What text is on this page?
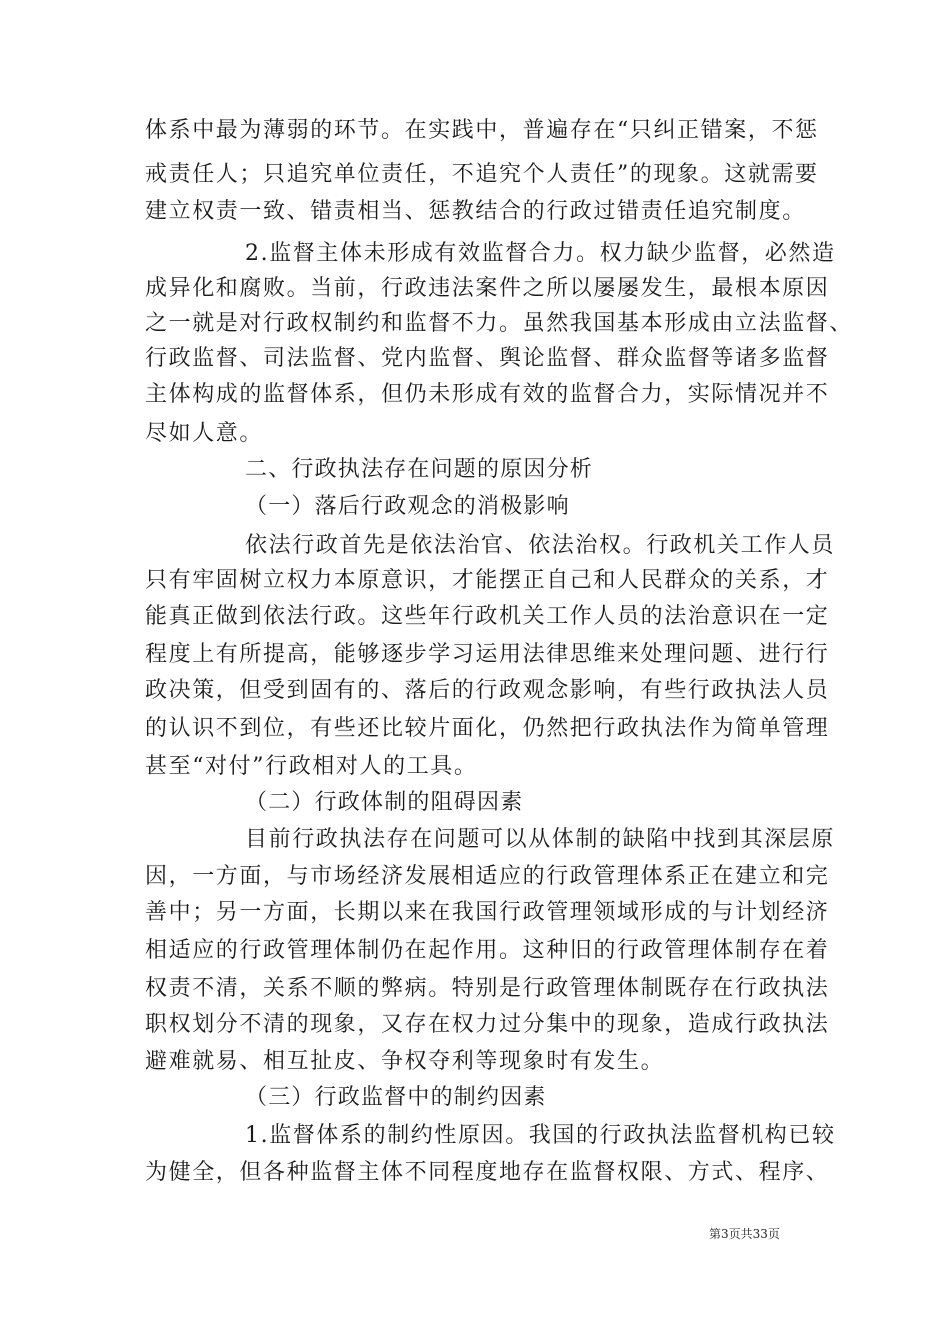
体系中最为薄弱的环节。在实践中，普遍存在“只纠正错案，不惩
戒责任人；只追究单位责任，不追究个人责任”的现象。这就需要
建立权责一致、错责相当、惩教结合的行政过错责任追究制度。
2.监督主体未形成有效监督合力。权力缺少监督，必然造
成异化和腐败。当前，行政违法案件之所以屡屡发生，最根本原因
之一就是对行政权制约和监督不力。虽然我国基本形成由立法监督、
行政监督、司法监督、党内监督、舆论监督、群众监督等诸多监督
主体构成的监督体系，但仍未形成有效的监督合力，实际情况并不
尽如人意。
二、行政执法存在问题的原因分析
（一）落后行政观念的消极影响
依法行政首先是依法治官、依法治权。行政机关工作人员
只有牢固树立权力本原意识，才能摆正自己和人民群众的关系，才
能真正做到依法行政。这些年行政机关工作人员的法治意识在一定
程度上有所提高，能够逐步学习运用法律思维来处理问题、进行行
政决策，但受到固有的、落后的行政观念影响，有些行政执法人员
的认识不到位，有些还比较片面化，仍然把行政执法作为简单管理
甚至“对付”行政相对人的工具。
（二）行政体制的阻碍因素
目前行政执法存在问题可以从体制的缺陷中找到其深层原
因，一方面，与市场经济发展相适应的行政管理体系正在建立和完
善中；另一方面，长期以来在我国行政管理领域形成的与计划经济
相适应的行政管理体制仍在起作用。这种旧的行政管理体制存在着
权责不清，关系不顺的弊病。特别是行政管理体制既存在行政执法
职权划分不清的现象，又存在权力过分集中的现象，造成行政执法
避难就易、相互扯皮、争权夺利等现象时有发生。
（三）行政监督中的制约因素
1.监督体系的制约性原因。我国的行政执法监督机构已较
为健全，但各种监督主体不同程度地存在监督权限、方式、程序、
第3页共33页
